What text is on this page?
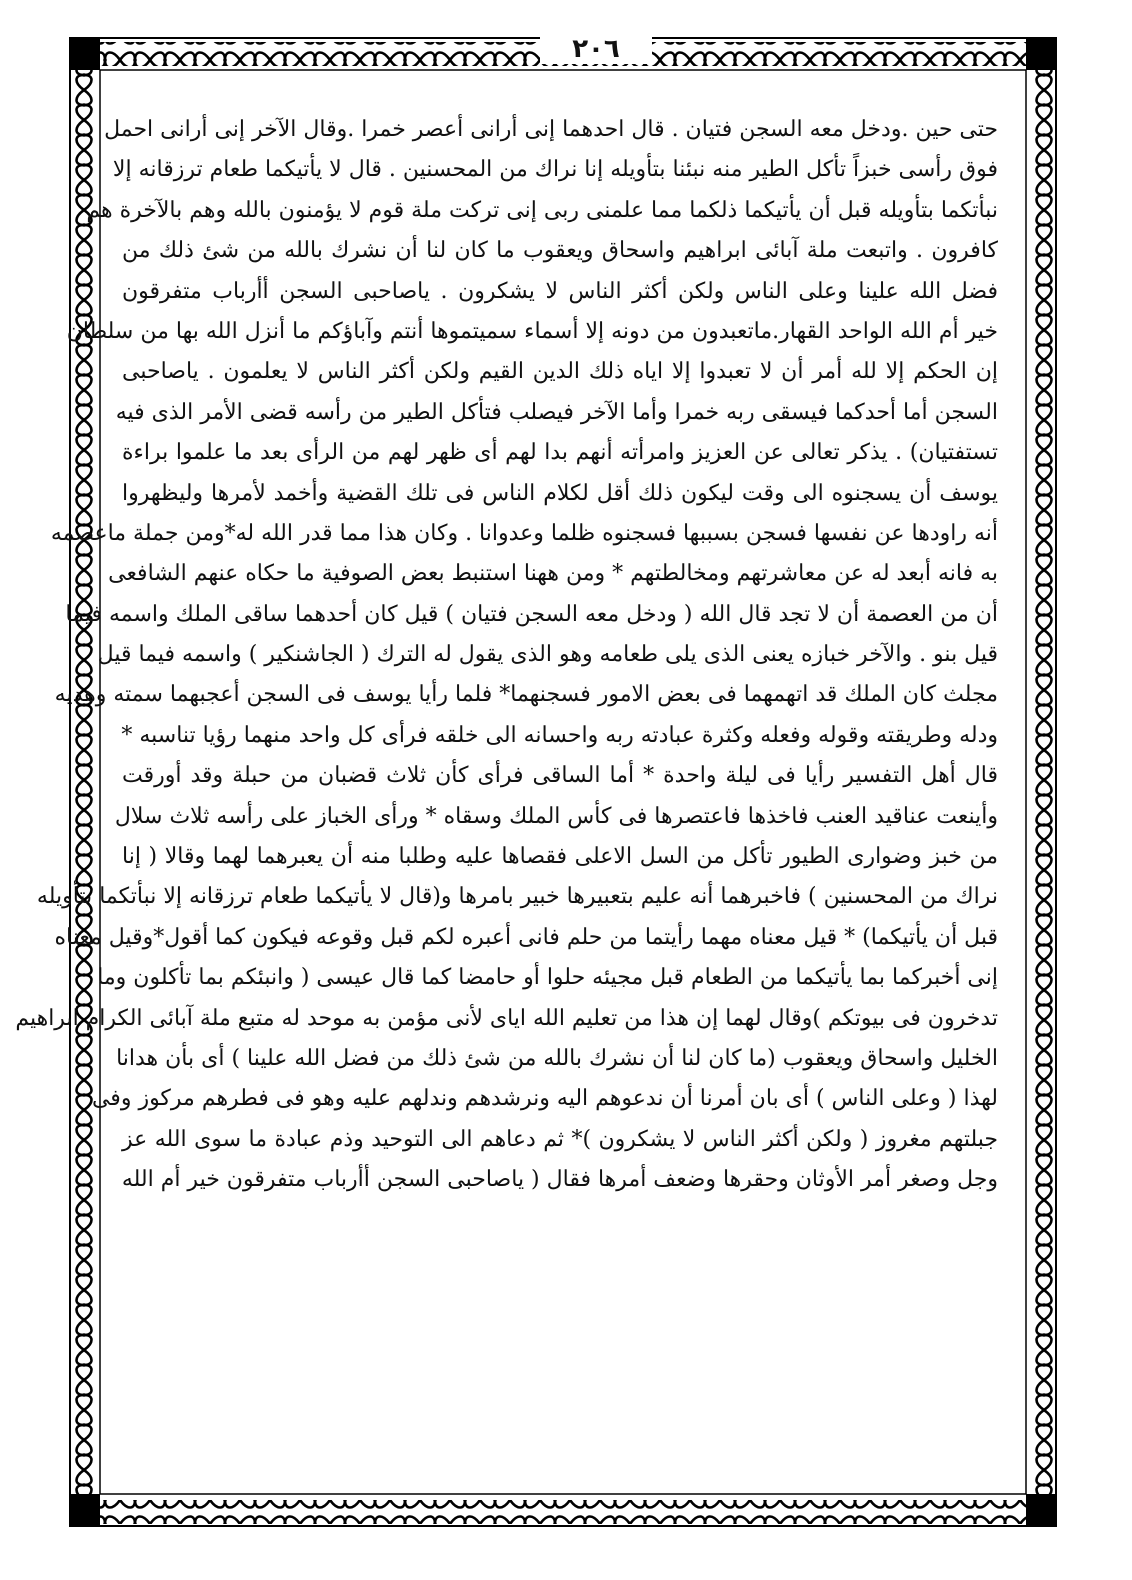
٢٠٦
حتى حين .ودخل معه السجن فتيان . قال احدهما إنى أرانى أعصر خمرا .وقال الآخر إنى أرانى احمل
فوق رأسى خبزاً تأكل الطير منه نبئنا بتأويله إنا نراك من المحسنين . قال لا يأتيكما طعام ترزقانه إلا
نبأتكما بتأويله قبل أن يأتيكما ذلكما مما علمنى ربى إنى تركت ملة قوم لا يؤمنون بالله وهم بالآخرة هم
كافرون . واتبعت ملة آبائى ابراهيم واسحاق ويعقوب ما كان لنا أن نشرك بالله من شئ ذلك من
فضل الله علينا وعلى الناس ولكن أكثر الناس لا يشكرون . ياصاحبى السجن أأرباب متفرقون
خير أم الله الواحد القهار.ماتعبدون من دونه إلا أسماء سميتموها أنتم وآباؤكم ما أنزل الله بها من سلطان
إن الحكم إلا لله أمر أن لا تعبدوا إلا اياه ذلك الدين القيم ولكن أكثر الناس لا يعلمون . ياصاحبى
السجن أما أحدكما فيسقى ربه خمرا وأما الآخر فيصلب فتأكل الطير من رأسه قضى الأمر الذى فيه
تستفتيان) . يذكر تعالى عن العزيز وامرأته أنهم بدا لهم أى ظهر لهم من الرأى بعد ما علموا براءة
يوسف أن يسجنوه الى وقت ليكون ذلك أقل لكلام الناس فى تلك القضية وأخمد لأمرها وليظهروا
أنه راودها عن نفسها فسجن بسببها فسجنوه ظلما وعدوانا . وكان هذا مما قدر الله له*ومن جملة ماعصمه
به فانه أبعد له عن معاشرتهم ومخالطتهم * ومن ههنا استنبط بعض الصوفية ما حكاه عنهم الشافعى
أن من العصمة أن لا تجد قال الله ( ودخل معه السجن فتيان ) قيل كان أحدهما ساقى الملك واسمه فيما
قيل بنو . والآخر خبازه يعنى الذى يلى طعامه وهو الذى يقول له الترك ( الجاشنكير ) واسمه فيما قيل
مجلث كان الملك قد اتهمهما فى بعض الامور فسجنهما* فلما رأيا يوسف فى السجن أعجبهما سمته وهديه
ودله وطريقته وقوله وفعله وكثرة عبادته ربه واحسانه الى خلقه فرأى كل واحد منهما رؤيا تناسبه *
قال أهل التفسير رأيا فى ليلة واحدة * أما الساقى فرأى كأن ثلاث قضبان من حبلة وقد أورقت
وأينعت عناقيد العنب فاخذها فاعتصرها فى كأس الملك وسقاه * ورأى الخباز على رأسه ثلاث سلال
من خبز وضوارى الطيور تأكل من السل الاعلى فقصاها عليه وطلبا منه أن يعبرهما لهما وقالا ( إنا
نراك من المحسنين ) فاخبرهما أنه عليم بتعبيرها خبير بامرها و(قال لا يأتيكما طعام ترزقانه إلا نبأتكما بتأويله
قبل أن يأتيكما) * قيل معناه مهما رأيتما من حلم فانى أعبره لكم قبل وقوعه فيكون كما أقول*وقيل معناه
إنى أخبركما بما يأتيكما من الطعام قبل مجيئه حلوا أو حامضا كما قال عيسى ( وانبئكم بما تأكلون وما
تدخرون فى بيوتكم )وقال لهما إن هذا من تعليم الله اياى لأنى مؤمن به موحد له متبع ملة آبائى الكرام ابراهيم
الخليل واسحاق ويعقوب (ما كان لنا أن نشرك بالله من شئ ذلك من فضل الله علينا ) أى بأن هدانا
لهذا ( وعلى الناس ) أى بان أمرنا أن ندعوهم اليه ونرشدهم وندلهم عليه وهو فى فطرهم مركوز وفى
جبلتهم مغروز ( ولكن أكثر الناس لا يشكرون )* ثم دعاهم الى التوحيد وذم عبادة ما سوى الله عز
وجل وصغر أمر الأوثان وحقرها وضعف أمرها فقال ( ياصاحبى السجن أأرباب متفرقون خير أم الله
